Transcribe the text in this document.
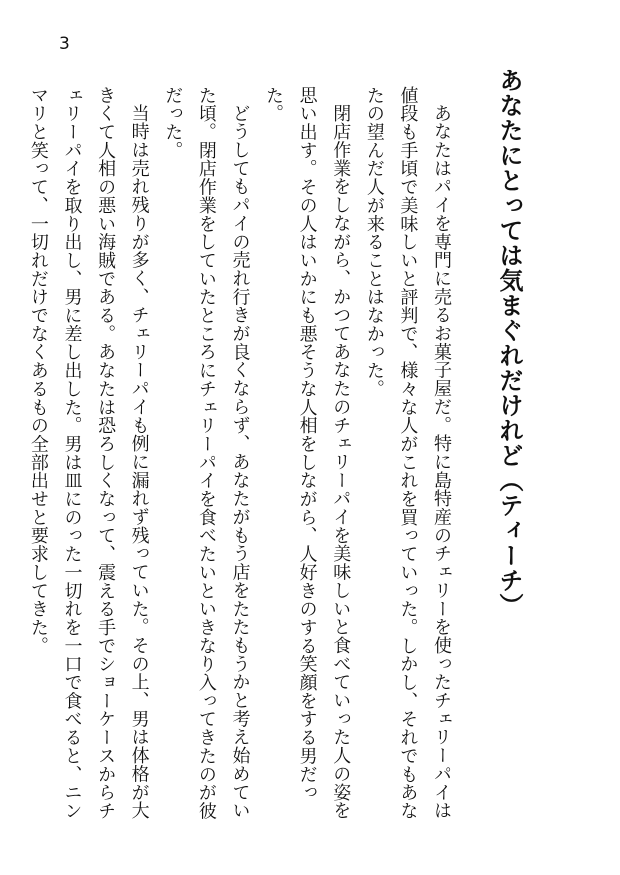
3
あなたにとっては気まぐれだけれど（ティーチ）

あなたはパイを専門に売るお菓子屋だ。特に島特産のチェリーを使ったチェリーパイは値段も手頃で美味しいと評判で、様々な人がこれを買っていった。しかし、それでもあなたの望んだ人が来ることはなかった。

閉店作業をしながら、かつてあなたのチェリーパイを美味しいと食べていった人の姿を思い出す。その人はいかにも悪そうな人相をしながら、人好きのする笑顔をする男だった。

どうしてもパイの売れ行きが良くならず、あなたがもう店をたたもうかと考え始めていた頃。閉店作業をしていたところにチェリーパイを食べたいといきなり入ってきたのが彼だった。

当時は売れ残りが多く、チェリーパイも例に漏れず残っていた。その上、男は体格が大きくて人相の悪い海賊である。あなたは恐ろしくなって、震える手でショーケースからチェリーパイを取り出し、男に差し出した。男は皿にのった一切れを一口で食べると、ニンマリと笑って、一切れだけでなくあるもの全部出せと要求してきた。
